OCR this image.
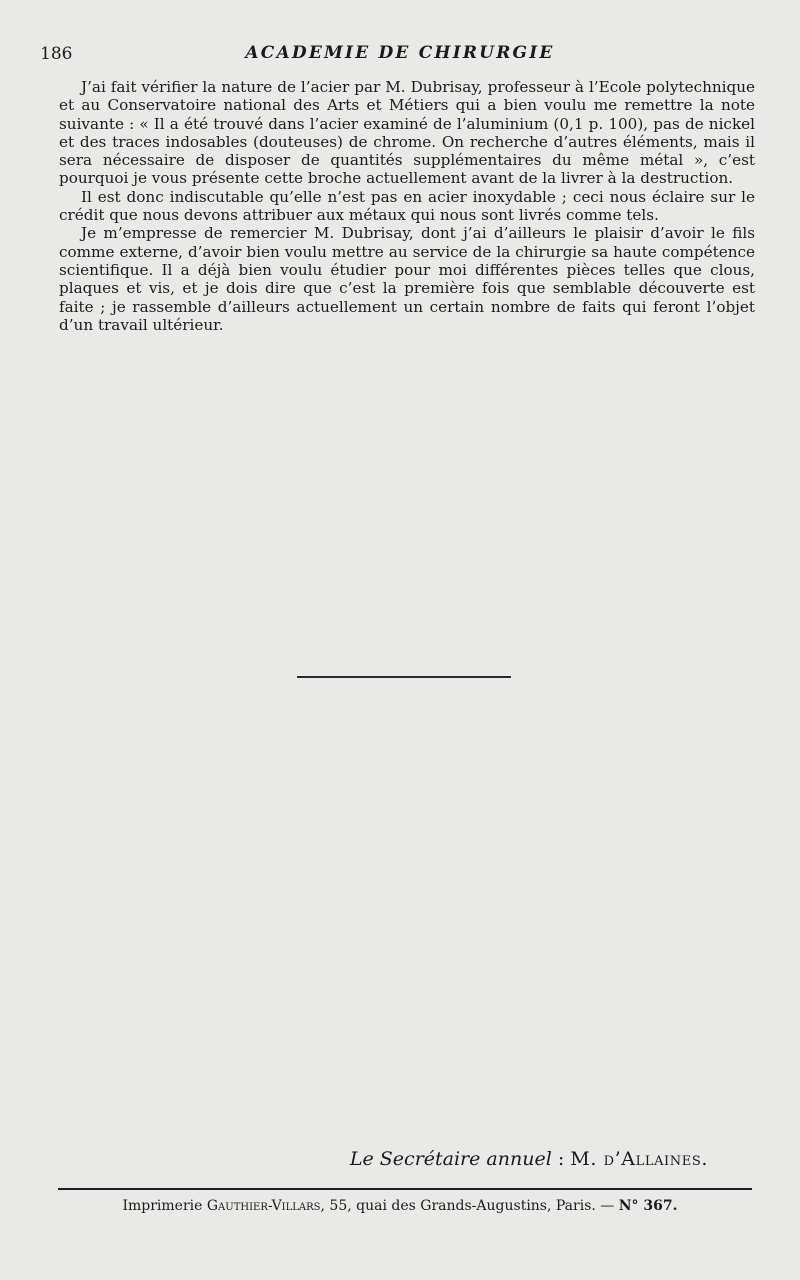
186	ACADEMIE DE CHIRURGIE

J’ai fait vérifier la nature de l’acier par M. Dubrisay, professeur à l’Ecole polytechnique et au Conservatoire national des Arts et Métiers qui a bien voulu me remettre la note suivante : « Il a été trouvé dans l’acier examiné de l’aluminium (0,1 p. 100), pas de nickel et des traces indosables (douteuses) de chrome. On recherche d’autres éléments, mais il sera nécessaire de disposer de quantités supplémentaires du même métal », c’est pourquoi je vous présente cette broche actuellement avant de la livrer à la destruction.

Il est donc indiscutable qu’elle n’est pas en acier inoxydable ; ceci nous éclaire sur le crédit que nous devons attribuer aux métaux qui nous sont livrés comme tels.

Je m’empresse de remercier M. Dubrisay, dont j’ai d’ailleurs le plaisir d’avoir le fils comme externe, d’avoir bien voulu mettre au service de la chirurgie sa haute compétence scientifique. Il a déjà bien voulu étudier pour moi différentes pièces telles que clous, plaques et vis, et je dois dire que c’est la première fois que semblable découverte est faite ; je rassemble d’ailleurs actuellement un certain nombre de faits qui feront l’objet d’un travail ultérieur.

Le Secrétaire annuel : M. d’Allaines.
Imprimerie Gauthier-Villars, 55, quai des Grands-Augustins, Paris. — N° 367.
